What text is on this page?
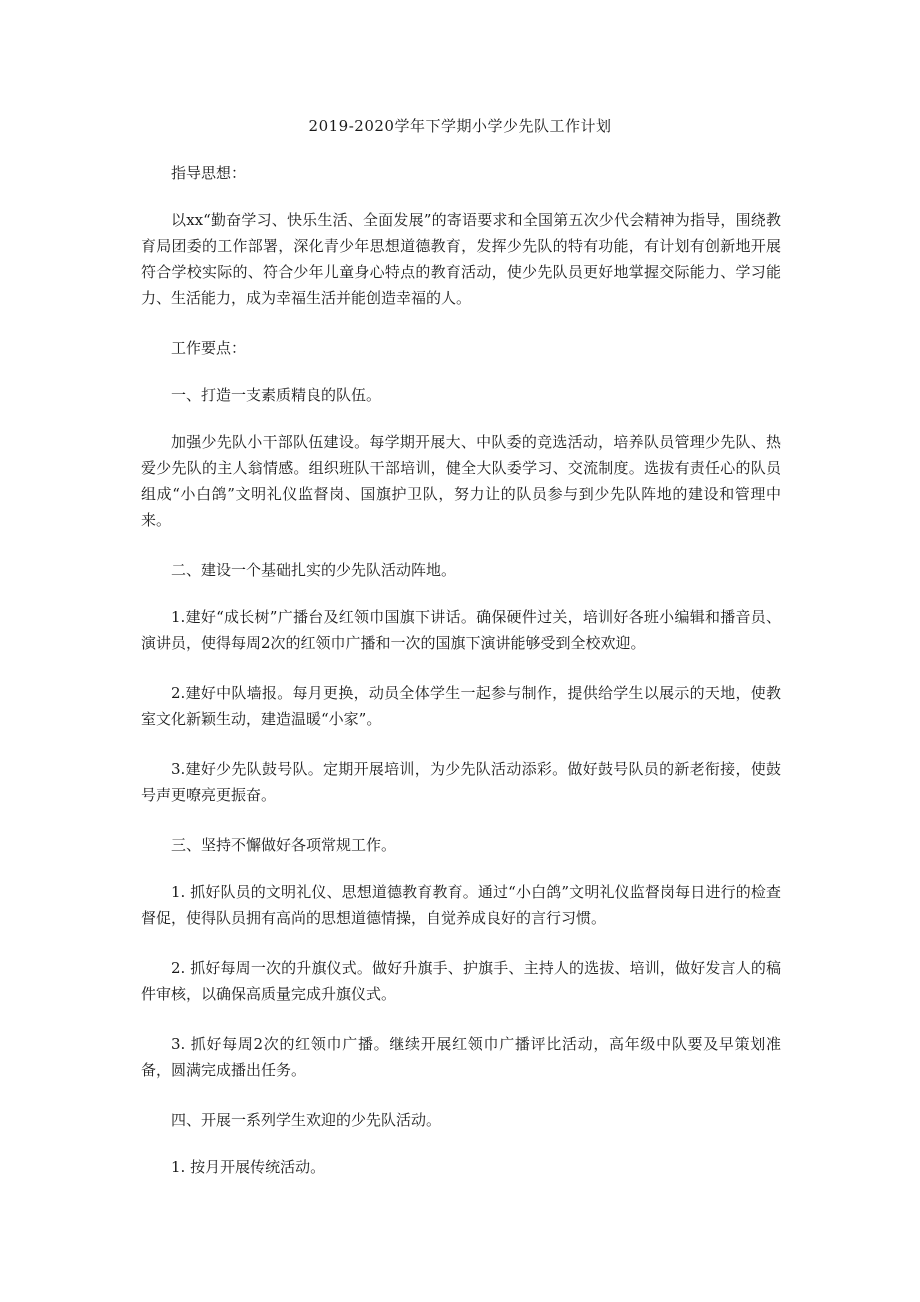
2019-2020学年下学期小学少先队工作计划

指导思想：

以xx“勤奋学习、快乐生活、全面发展”的寄语要求和全国第五次少代会精神为指导，围绕教育局团委的工作部署，深化青少年思想道德教育，发挥少先队的特有功能，有计划有创新地开展符合学校实际的、符合少年儿童身心特点的教育活动，使少先队员更好地掌握交际能力、学习能力、生活能力，成为幸福生活并能创造幸福的人。

工作要点：

一、打造一支素质精良的队伍。

加强少先队小干部队伍建设。每学期开展大、中队委的竞选活动，培养队员管理少先队、热爱少先队的主人翁情感。组织班队干部培训，健全大队委学习、交流制度。选拔有责任心的队员组成“小白鸽”文明礼仪监督岗、国旗护卫队，努力让的队员参与到少先队阵地的建设和管理中来。

二、建设一个基础扎实的少先队活动阵地。

1.建好“成长树”广播台及红领巾国旗下讲话。确保硬件过关，培训好各班小编辑和播音员、演讲员，使得每周2次的红领巾广播和一次的国旗下演讲能够受到全校欢迎。

2.建好中队墙报。每月更换，动员全体学生一起参与制作，提供给学生以展示的天地，使教室文化新颖生动，建造温暖“小家”。

3.建好少先队鼓号队。定期开展培训，为少先队活动添彩。做好鼓号队员的新老衔接，使鼓号声更嘹亮更振奋。

三、坚持不懈做好各项常规工作。

1. 抓好队员的文明礼仪、思想道德教育教育。通过“小白鸽”文明礼仪监督岗每日进行的检查督促，使得队员拥有高尚的思想道德情操，自觉养成良好的言行习惯。

2. 抓好每周一次的升旗仪式。做好升旗手、护旗手、主持人的选拔、培训，做好发言人的稿件审核，以确保高质量完成升旗仪式。

3. 抓好每周2次的红领巾广播。继续开展红领巾广播评比活动，高年级中队要及早策划准备，圆满完成播出任务。

四、开展一系列学生欢迎的少先队活动。

1. 按月开展传统活动。
